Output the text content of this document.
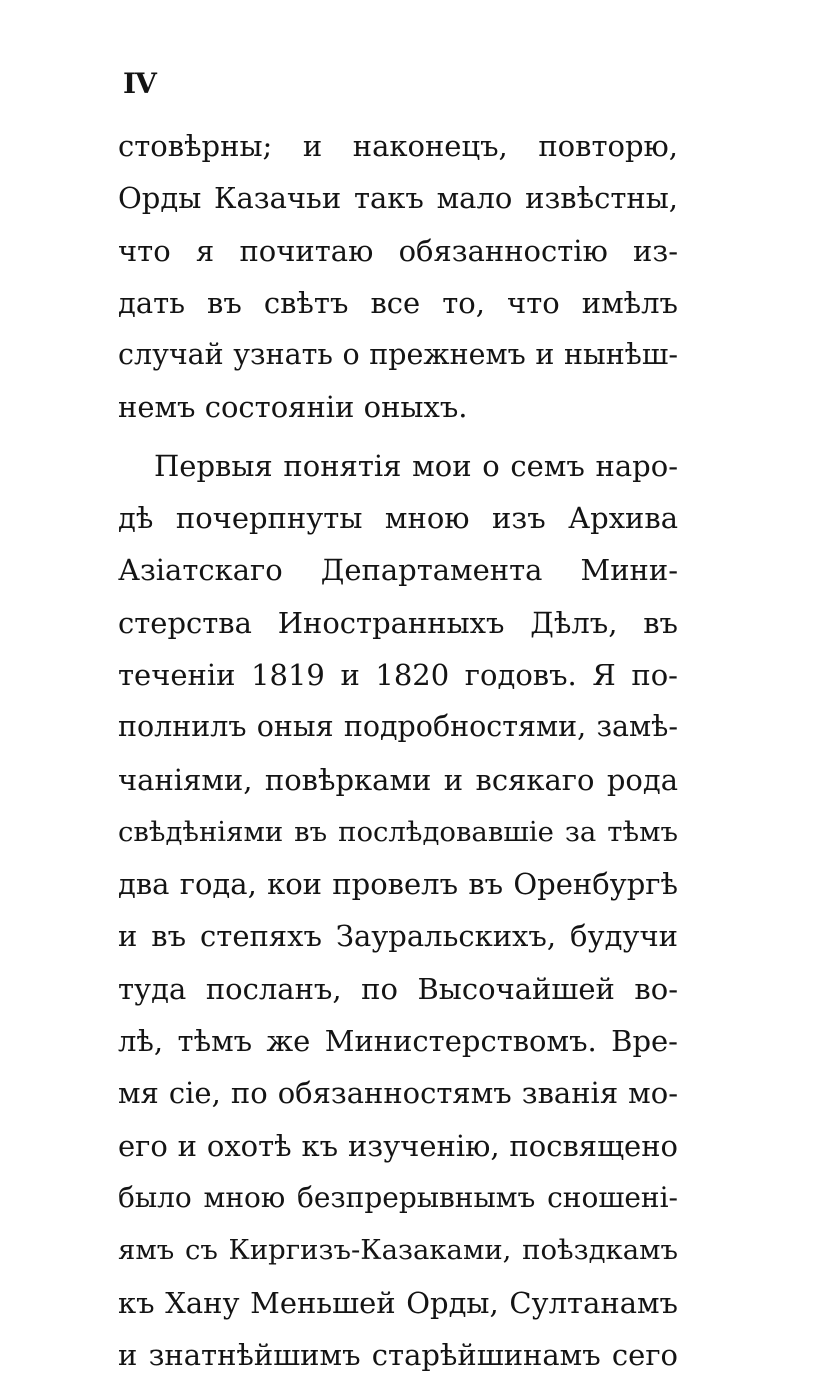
IV
стовѣрны; и наконецъ, повторю,
Орды Казачьи такъ мало извѣстны,
что я почитаю обязанностію из-
дать въ свѣтъ все то, что имѣлъ
случай узнать о прежнемъ и нынѣш-
немъ состояніи оныхъ.
Первыя понятія мои о семъ наро-
дѣ почерпнуты мною изъ Архива
Азіатскаго Департамента Мини-
стерства Иностранныхъ Дѣлъ, въ
теченіи 1819 и 1820 годовъ. Я по-
полнилъ оныя подробностями, замѣ-
чаніями, повѣрками и всякаго рода
свѣдѣніями въ послѣдовавшіе за тѣмъ
два года, кои провелъ въ Оренбургѣ
и въ степяхъ Зауральскихъ, будучи
туда посланъ, по Высочайшей во-
лѣ, тѣмъ же Министерствомъ. Вре-
мя сіе, по обязанностямъ званія мо-
его и охотѣ къ изученію, посвящено
было мною безпрерывнымъ сношені-
ямъ съ Киргизъ-Казаками, поѣздкамъ
къ Хану Меньшей Орды, Султанамъ
и знатнѣйшимъ старѣйшинамъ сего
